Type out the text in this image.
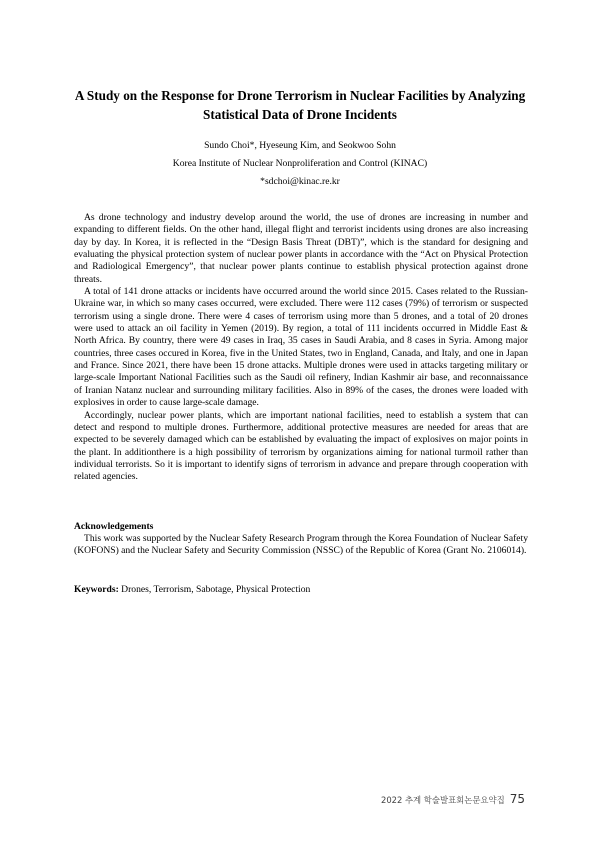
A Study on the Response for Drone Terrorism in Nuclear Facilities by Analyzing
Statistical Data of Drone Incidents
Sundo Choi*, Hyeseung Kim, and Seokwoo Sohn
Korea Institute of Nuclear Nonproliferation and Control (KINAC)
*sdchoi@kinac.re.kr

As drone technology and industry develop around the world, the use of drones are increasing in number and expanding to different fields. On the other hand, illegal flight and terrorist incidents using drones are also increasing day by day. In Korea, it is reflected in the “Design Basis Threat (DBT)”, which is the standard for designing and evaluating the physical protection system of nuclear power plants in accordance with the “Act on Physical Protection and Radiological Emergency”, that nuclear power plants continue to establish physical protection against drone threats.

A total of 141 drone attacks or incidents have occurred around the world since 2015. Cases related to the Russian-Ukraine war, in which so many cases occurred, were excluded. There were 112 cases (79%) of terrorism or suspected terrorism using a single drone. There were 4 cases of terrorism using more than 5 drones, and a total of 20 drones were used to attack an oil facility in Yemen (2019). By region, a total of 111 incidents occurred in Middle East & North Africa. By country, there were 49 cases in Iraq, 35 cases in Saudi Arabia, and 8 cases in Syria. Among major countries, three cases occured in Korea, five in the United States, two in England, Canada, and Italy, and one in Japan and France. Since 2021, there have been 15 drone attacks. Multiple drones were used in attacks targeting military or large-scale Important National Facilities such as the Saudi oil refinery, Indian Kashmir air base, and reconnaissance of Iranian Natanz nuclear and surrounding military facilities. Also in 89% of the cases, the drones were loaded with explosives in order to cause large-scale damage.

Accordingly, nuclear power plants, which are important national facilities, need to establish a system that can detect and respond to multiple drones. Furthermore, additional protective measures are needed for areas that are expected to be severely damaged which can be established by evaluating the impact of explosives on major points in the plant. In additionthere is a high possibility of terrorism by organizations aiming for national turmoil rather than individual terrorists. So it is important to identify signs of terrorism in advance and prepare through cooperation with related agencies.

Acknowledgements

This work was supported by the Nuclear Safety Research Program through the Korea Foundation of Nuclear Safety (KOFONS) and the Nuclear Safety and Security Commission (NSSC) of the Republic of Korea (Grant No. 2106014).

Keywords: Drones, Terrorism, Sabotage, Physical Protection
2022 추계 학술발표회논문요약집 75
